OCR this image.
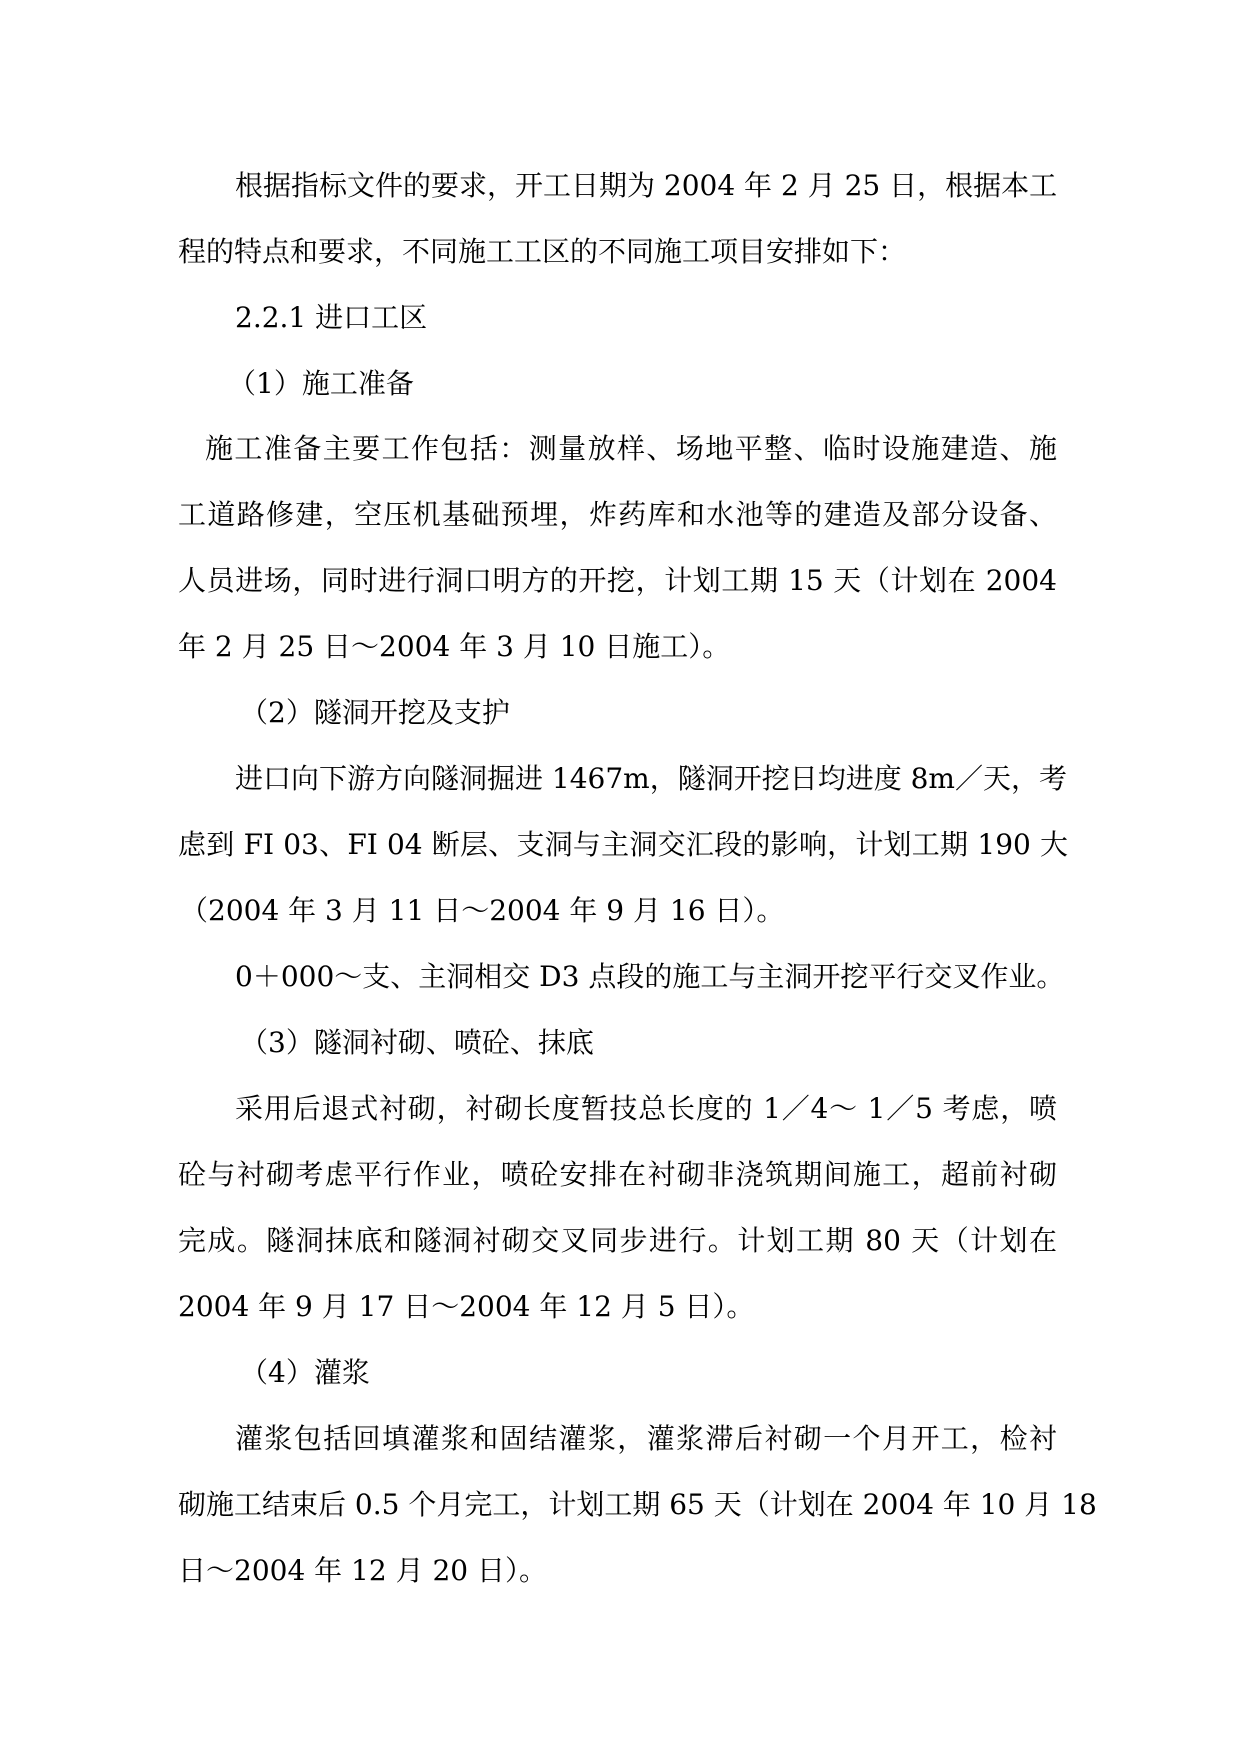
根据指标文件的要求，开工日期为 2004 年 2 月 25 日，根据本工
程的特点和要求，不同施工工区的不同施工项目安排如下：
2.2.1 进口工区
（1）施工准备
施工准备主要工作包括：测量放样、场地平整、临时设施建造、施
工道路修建，空压机基础预埋，炸药库和水池等的建造及部分设备、
人员进场，同时进行洞口明方的开挖，计划工期 15 天（计划在 2004
年 2 月 25 日～2004 年 3 月 10 日施工）。
（2）隧洞开挖及支护
进口向下游方向隧洞掘进 1467m，隧洞开挖日均进度 8m／天，考
虑到 FI 03、FI 04 断层、支洞与主洞交汇段的影响，计划工期 190 大
（2004 年 3 月 11 日～2004 年 9 月 16 日）。
0＋000～支、主洞相交 D3 点段的施工与主洞开挖平行交叉作业。
（3）隧洞衬砌、喷砼、抹底
采用后退式衬砌，衬砌长度暂技总长度的 1／4～ 1／5 考虑，喷
砼与衬砌考虑平行作业，喷砼安排在衬砌非浇筑期间施工，超前衬砌
完成。隧洞抹底和隧洞衬砌交叉同步进行。计划工期 80 天（计划在
2004 年 9 月 17 日～2004 年 12 月 5 日）。
（4）灌浆
灌浆包括回填灌浆和固结灌浆，灌浆滞后衬砌一个月开工，检衬
砌施工结束后 0.5 个月完工，计划工期 65 天（计划在 2004 年 10 月 18
日～2004 年 12 月 20 日）。
